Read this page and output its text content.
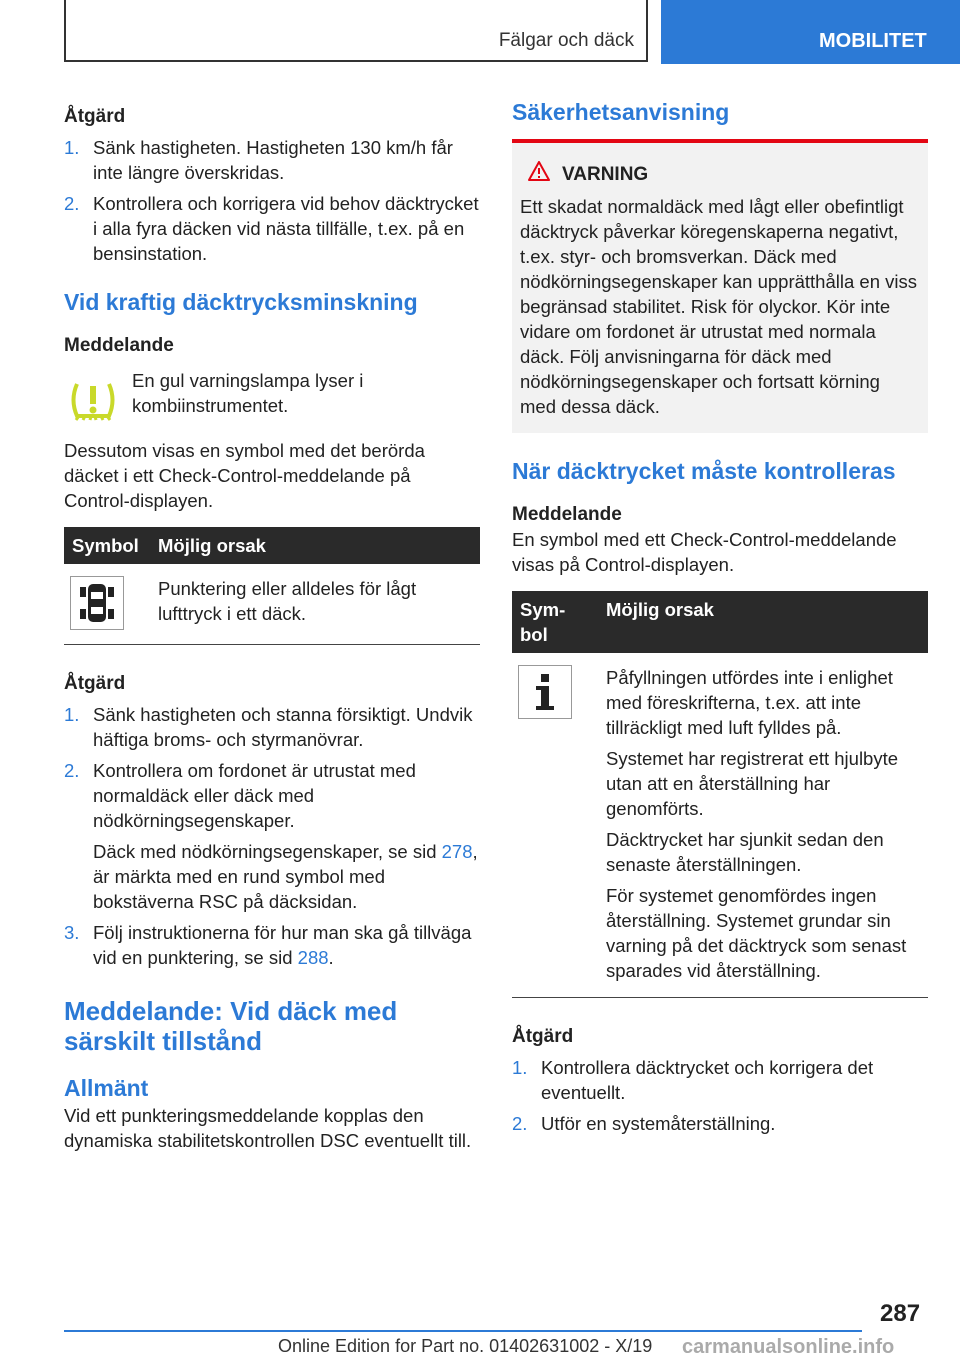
Fälgar och däck	MOBILITET
Åtgärd
1. Sänk hastigheten. Hastigheten 130 km/h får inte längre överskridas.
2. Kontrollera och korrigera vid behov däcktrycket i alla fyra däcken vid nästa tillfälle, t.ex. på en bensinstation.
Vid kraftig däcktrycksminskning
Meddelande

En gul varningslampa lyser i kombiinstrumentet.

Dessutom visas en symbol med det berörda däcket i ett Check-Control-meddelande på Control-displayen.

Symbol	Möjlig orsak

	Punktering eller alldeles för lågt lufttryck i ett däck.
Åtgärd
1. Sänk hastigheten och stanna försiktigt. Undvik häftiga broms- och styrmanövrar.
2. Kontrollera om fordonet är utrustat med normaldäck eller däck med nödkörningsegenskaper.
Däck med nödkörningsegenskaper, se sid 278, är märkta med en rund symbol med bokstäverna RSC på däcksidan.
3. Följ instruktionerna för hur man ska gå tillväga vid en punktering, se sid 288.
Meddelande: Vid däck med särskilt tillstånd
Allmänt

Vid ett punkteringsmeddelande kopplas den dynamiska stabilitetskontrollen DSC eventuellt till.

Säkerhetsanvisning
VARNING

Ett skadat normaldäck med lågt eller obefintligt däcktryck påverkar köregenskaperna negativt, t.ex. styr- och bromsverkan. Däck med nödkörningsegenskaper kan upprätthålla en viss begränsad stabilitet. Risk för olyckor. Kör inte vidare om fordonet är utrustat med normala däck. Följ anvisningarna för däck med nödkörningsegenskaper och fortsatt körning med dessa däck.

När däcktrycket måste kontrolleras
Meddelande

En symbol med ett Check-Control-meddelande visas på Control-displayen.

Sym-bol	Möjlig orsak

Påfyllningen utfördes inte i enlighet med föreskrifterna, t.ex. att inte tillräckligt med luft fylldes på.
Systemet har registrerat ett hjulbyte utan att en återställning har genomförts.
Däcktrycket har sjunkit sedan den senaste återställningen.
För systemet genomfördes ingen återställning. Systemet grundar sin varning på det däcktryck som senast sparades vid återställning.
Åtgärd
1. Kontrollera däcktrycket och korrigera det eventuellt.
2. Utför en systemåterställning.
287
Online Edition for Part no. 01402631002 - X/19 carmanualsonline.info
